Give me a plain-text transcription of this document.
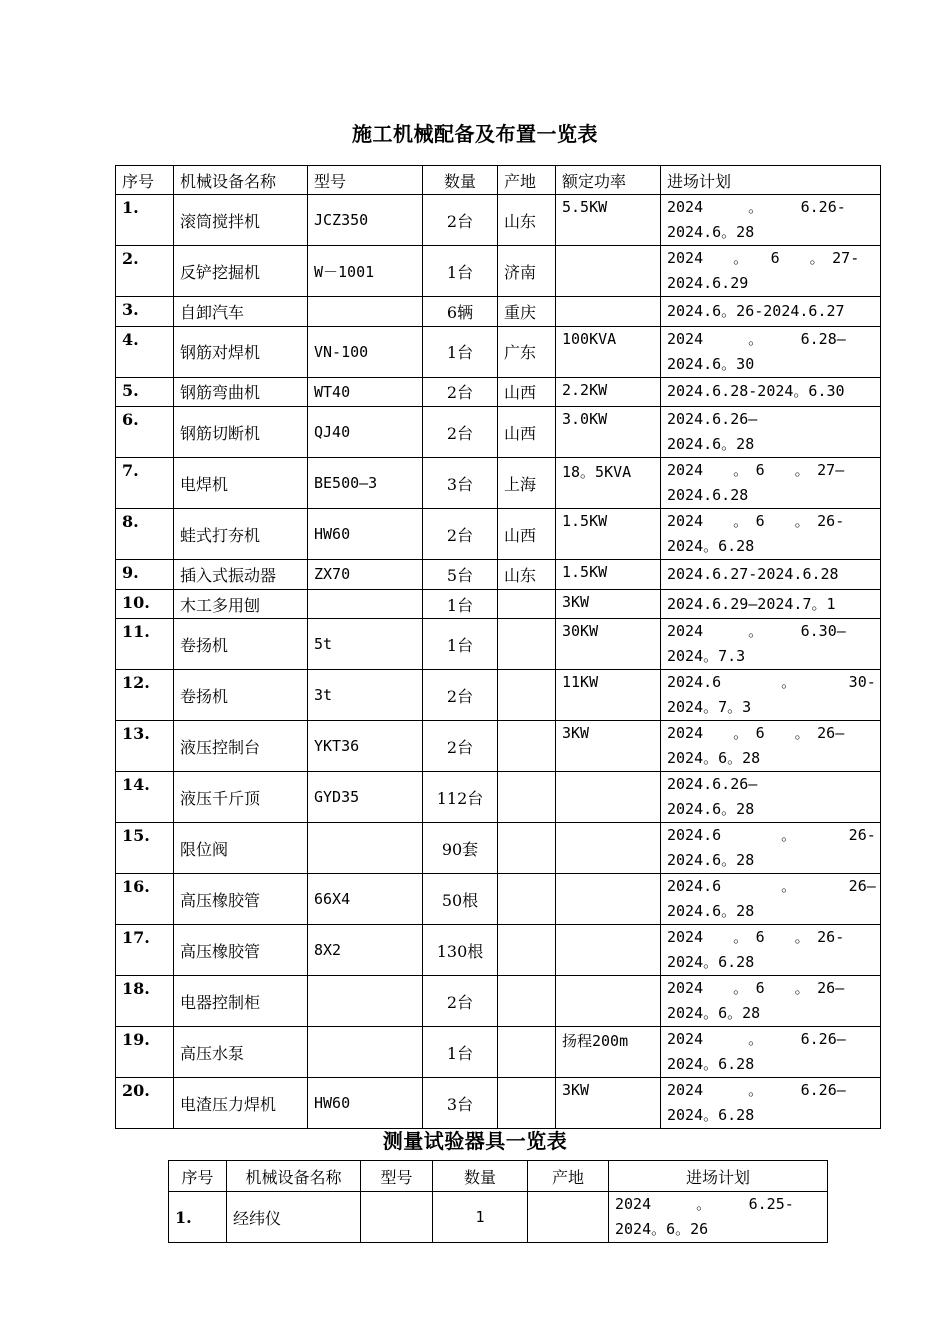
施工机械配备及布置一览表
序号	机械设备名称	型号	数量	产地	额定功率	进场计划
1.	滚筒搅拌机	JCZ350	2台	山东	5.5KW	2024　　　。　　　6.26-
2024.6。28

2.	反铲挖掘机	W－1001	1台	济南		2024　　。　　6　　。　27-
2024.6.29

3.	自卸汽车		6辆	重庆		2024.6。26-2024.6.27

4.	钢筋对焊机	VN-100	1台	广东	100KVA	2024　　　。　　　6.28—
2024.6。30

5.	钢筋弯曲机	WT40	2台	山西	2.2KW	2024.6.28-2024。6.30

6.	钢筋切断机	QJ40	2台	山西	3.0KW	2024.6.26—
2024.6。28

7.	电焊机	BE500—3	3台	上海	18。5KVA	2024　　。　6　　。　27—
2024.6.28

8.	蛙式打夯机	HW60	2台	山西	1.5KW	2024　　。　6　　。　26-
2024。6.28

9.	插入式振动器	ZX70	5台	山东	1.5KW	2024.6.27-2024.6.28

10.	木工多用刨		1台		3KW	2024.6.29—2024.7。1

11.	卷扬机	5t	1台		30KW	2024　　　。　　　6.30—
2024。7.3

12.	卷扬机	3t	2台		11KW	2024.6　　　　。　　　　30-
2024。7。3

13.	液压控制台	YKT36	2台		3KW	2024　　。　6　　。　26—
2024。6。28

14.	液压千斤顶	GYD35	112台			2024.6.26—
2024.6。28

15.	限位阀		90套			2024.6　　　　。　　　　26-
2024.6。28

16.	高压橡胶管	66X4	50根			2024.6　　　　。　　　　26—
2024.6。28

17.	高压橡胶管	8X2	130根			2024　　。　6　　。　26-
2024。6.28

18.	电器控制柜		2台			2024　　。　6　　。　26—
2024。6。28

19.	高压水泵		1台		扬程200m	2024　　　。　　　6.26—
2024。6.28

20.	电渣压力焊机	HW60	3台		3KW	2024　　　。　　　6.26—
2024。6.28
测量试验器具一览表
序号	机械设备名称	型号	数量	产地	进场计划
1.	经纬仪		1		2024　　　。　　　6.25-
2024。6。26
